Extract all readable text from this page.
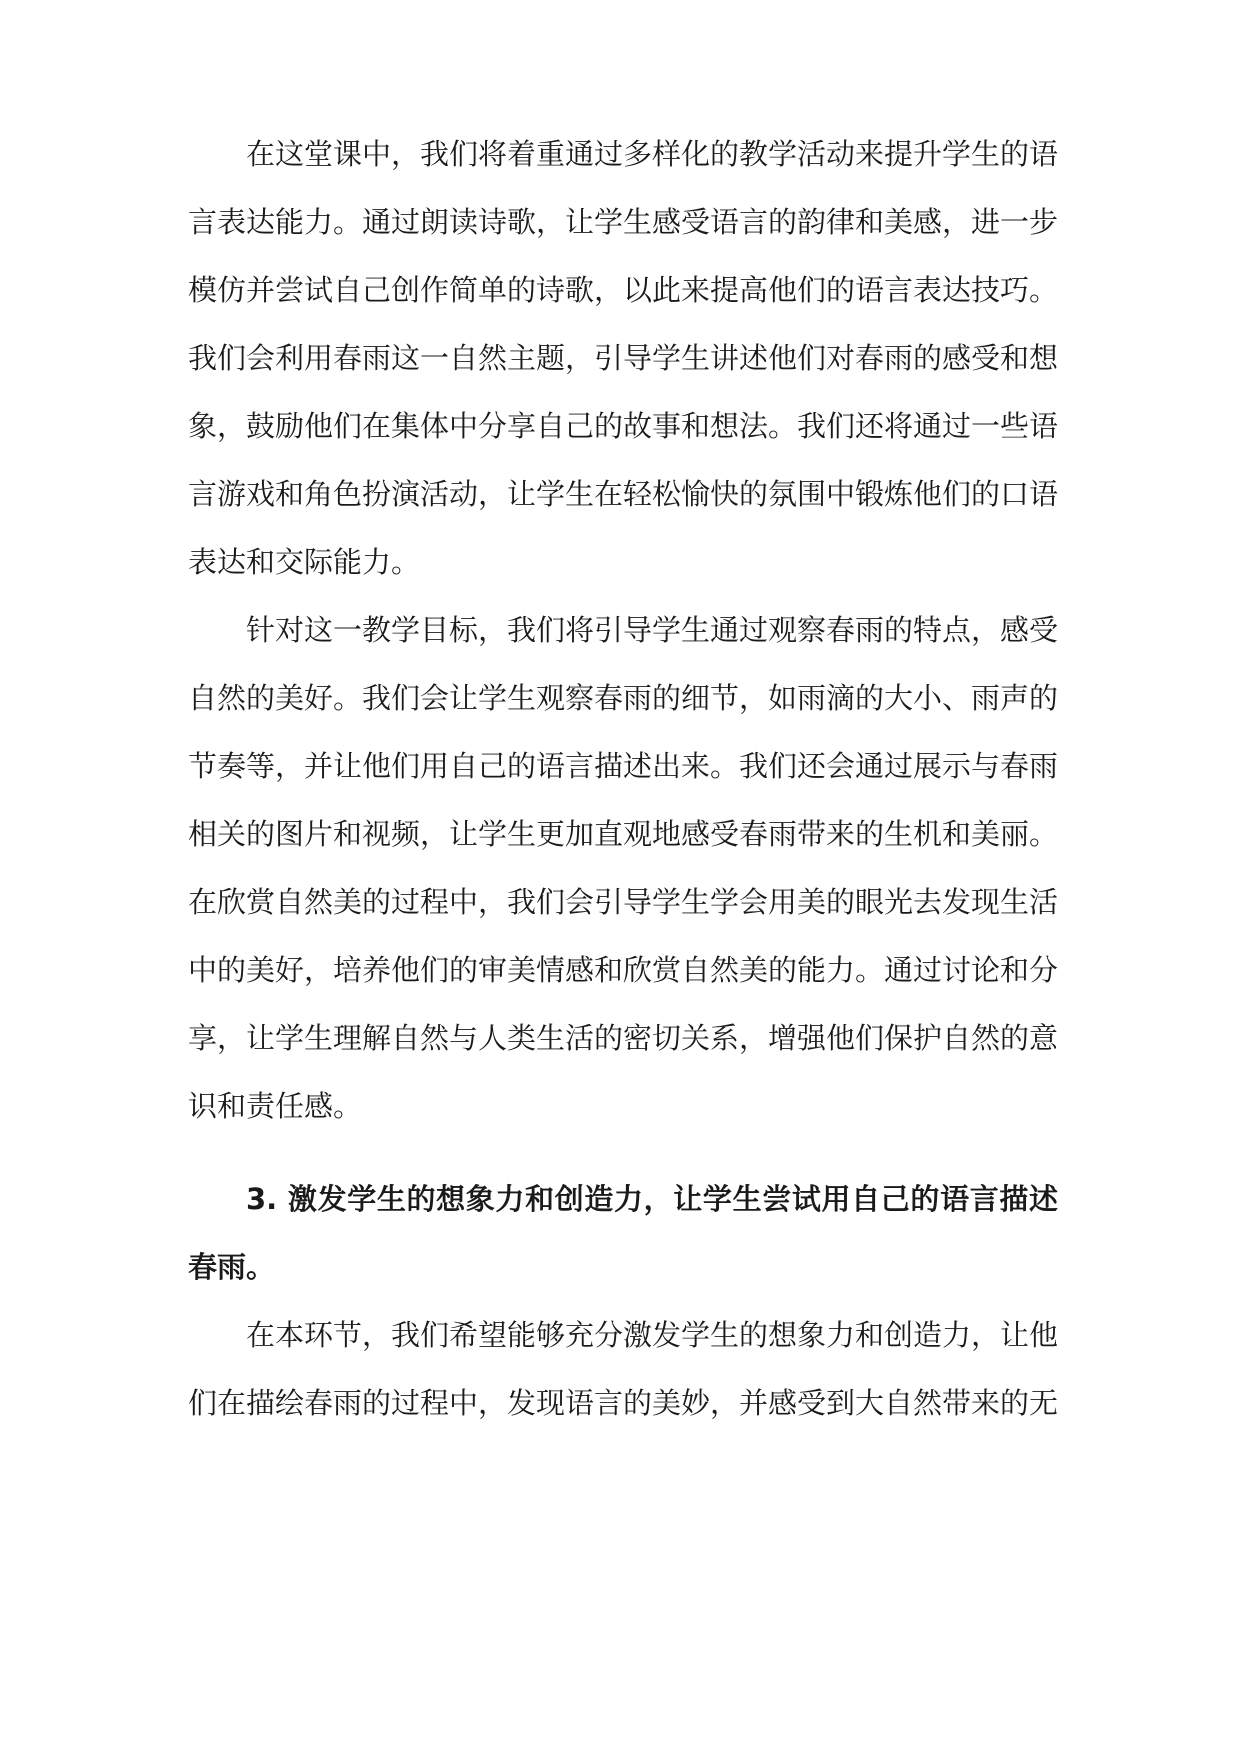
在这堂课中，我们将着重通过多样化的教学活动来提升学生的语
言表达能力。通过朗读诗歌，让学生感受语言的韵律和美感，进一步
模仿并尝试自己创作简单的诗歌，以此来提高他们的语言表达技巧。
我们会利用春雨这一自然主题，引导学生讲述他们对春雨的感受和想
象，鼓励他们在集体中分享自己的故事和想法。我们还将通过一些语
言游戏和角色扮演活动，让学生在轻松愉快的氛围中锻炼他们的口语
表达和交际能力。
针对这一教学目标，我们将引导学生通过观察春雨的特点，感受
自然的美好。我们会让学生观察春雨的细节，如雨滴的大小、雨声的
节奏等，并让他们用自己的语言描述出来。我们还会通过展示与春雨
相关的图片和视频，让学生更加直观地感受春雨带来的生机和美丽。
在欣赏自然美的过程中，我们会引导学生学会用美的眼光去发现生活
中的美好，培养他们的审美情感和欣赏自然美的能力。通过讨论和分
享，让学生理解自然与人类生活的密切关系，增强他们保护自然的意
识和责任感。
3. 激发学生的想象力和创造力，让学生尝试用自己的语言描述
春雨。
在本环节，我们希望能够充分激发学生的想象力和创造力，让他
们在描绘春雨的过程中，发现语言的美妙，并感受到大自然带来的无
